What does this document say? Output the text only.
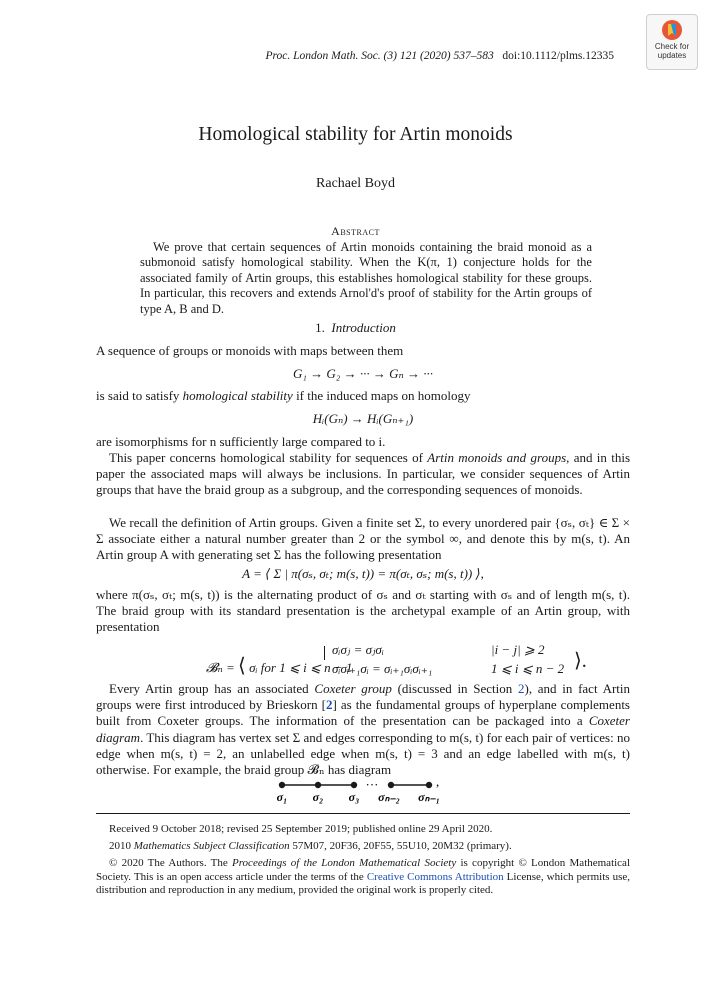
Check for
updates
Proc. London Math. Soc. (3) 121 (2020) 537–583 doi:10.1112/plms.12335
Homological stability for Artin monoids
Rachael Boyd
Abstract
We prove that certain sequences of Artin monoids containing the braid monoid as a submonoid satisfy homological stability. When the K(π, 1) conjecture holds for the associated family of Artin groups, this establishes homological stability for these groups. In particular, this recovers and extends Arnol'd's proof of stability for the Artin groups of type A, B and D.
1. Introduction
A sequence of groups or monoids with maps between them
G₁ → G₂ → ··· → Gₙ → ···
is said to satisfy homological stability if the induced maps on homology
Hᵢ(Gₙ) → Hᵢ(Gₙ₊₁)
are isomorphisms for n sufficiently large compared to i.
This paper concerns homological stability for sequences of Artin monoids and groups, and in this paper the associated maps will always be inclusions. In particular, we consider sequences of Artin groups that have the braid group as a subgroup, and the corresponding sequences of monoids.
We recall the definition of Artin groups. Given a finite set Σ, to every unordered pair {σₛ, σₜ} ∈ Σ × Σ associate either a natural number greater than 2 or the symbol ∞, and denote this by m(s, t). An Artin group A with generating set Σ has the following presentation
A = ⟨ Σ | π(σₛ, σₜ; m(s, t)) = π(σₜ, σₛ; m(s, t)) ⟩,
where π(σₛ, σₜ; m(s, t)) is the alternating product of σₛ and σₜ starting with σₛ and of length m(s, t). The braid group with its standard presentation is the archetypal example of an Artin group, with presentation
𝓑ₙ = ⟨ σᵢ for 1 ⩽ i ⩽ n − 1
σᵢσⱼ = σⱼσᵢ	|i − j| ⩾ 2
σᵢσᵢ₊₁σᵢ = σᵢ₊₁σᵢσᵢ₊₁	1 ⩽ i ⩽ n − 2 ⟩.
Every Artin group has an associated Coxeter group (discussed in Section 2), and in fact Artin groups were first introduced by Brieskorn [2] as the fundamental groups of hyperplane complements built from Coxeter groups. The information of the presentation can be packaged into a Coxeter diagram. This diagram has vertex set Σ and edges corresponding to m(s, t) for each pair of vertices: no edge when m(s, t) = 2, an unlabelled edge when m(s, t) = 3 and an edge labelled with m(s, t) otherwise. For example, the braid group 𝓑ₙ has diagram
···	,
σ₁ σ₂ σ₃ σₙ₋₂ σₙ₋₁
Received 9 October 2018; revised 25 September 2019; published online 29 April 2020.
2010 Mathematics Subject Classification 57M07, 20F36, 20F55, 55U10, 20M32 (primary).
© 2020 The Authors. The Proceedings of the London Mathematical Society is copyright © London Mathematical Society. This is an open access article under the terms of the Creative Commons Attribution License, which permits use, distribution and reproduction in any medium, provided the original work is properly cited.
